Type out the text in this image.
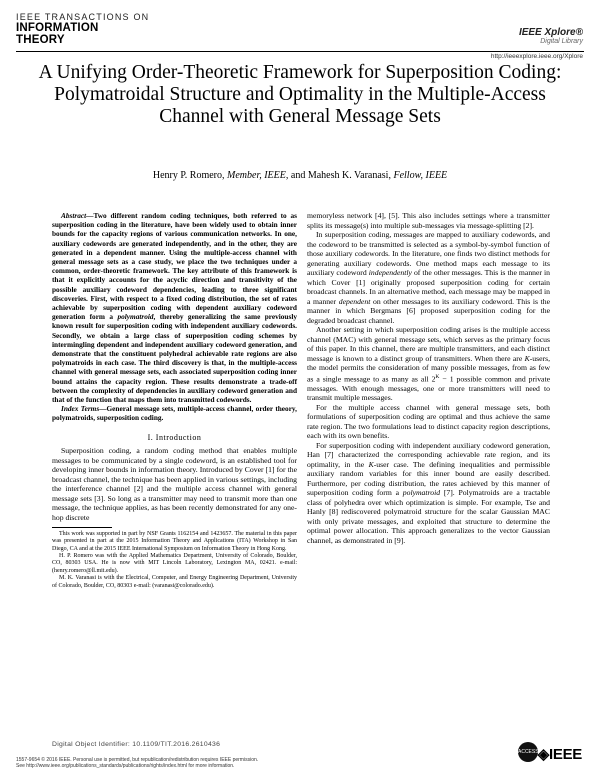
IEEE TRANSACTIONS ON
INFORMATION
THEORY
IEEE Xplore®
Digital Library
http://ieeexplore.ieee.org/Xplore
A Unifying Order-Theoretic Framework for Superposition Coding: Polymatroidal Structure and Optimality in the Multiple-Access Channel with General Message Sets
Henry P. Romero, Member, IEEE, and Mahesh K. Varanasi, Fellow, IEEE

Abstract—Two different random coding techniques, both referred to as superposition coding in the literature, have been widely used to obtain inner bounds for the capacity regions of various communication networks. In one, auxiliary codewords are generated independently, and in the other, they are generated in a dependent manner. Using the multiple-access channel with general message sets as a case study, we place the two techniques under a common, order-theoretic framework. The key attribute of this framework is that it explicitly accounts for the acyclic direction and transitivity of the possible auxiliary codeword dependencies, leading to three significant discoveries. First, with respect to a fixed coding distribution, the set of rates achievable by superposition coding with dependent auxiliary codeword generation form a polymatroid, thereby generalizing the same previously known result for superposition coding with independent auxiliary codewords. Secondly, we obtain a large class of superposition coding schemes by intermingling dependent and independent auxiliary codeword generation, and demonstrate that the constituent polyhedral achievable rate regions are also polymatroids in each case. The third discovery is that, in the multiple-access channel with general message sets, each associated superposition coding inner bound attains the capacity region. These results demonstrate a trade-off between the complexity of dependencies in auxiliary codeword generation and that of the function that maps them into transmitted codewords.

Index Terms—General message sets, multiple-access channel, order theory, polymatroids, superposition coding.

I. Introduction

Superposition coding, a random coding method that enables multiple messages to be communicated by a single codeword, is an established tool for developing inner bounds in information theory. Introduced by Cover [1] for the broadcast channel, the technique has been applied in various settings, including the interference channel [2] and the multiple access channel with general message sets [3]. So long as a transmitter may need to transmit more than one message, the technique applies, as has been recently demonstrated for any one-hop discrete

This work was supported in part by NSF Grants 1162154 and 1423657. The material in this paper was presented in part at the 2015 Information Theory and Applications (ITA) Workshop in San Diego, CA and at the 2015 IEEE International Symposium on Information Theory in Hong Kong.

H. P. Romero was with the Applied Mathematics Department, University of Colorado, Boulder, CO, 80303 USA. He is now with MIT Lincoln Laboratory, Lexington MA, 02421. e-mail: (henry.romero@ll.mit.edu).

M. K. Varanasi is with the Electrical, Computer, and Energy Engineering Department, University of Colorado, Boulder, CO, 80303 e-mail: (varanasi@colorado.edu).

memoryless network [4], [5]. This also includes settings where a transmitter splits its message(s) into multiple sub-messages via message-splitting [2].

In superposition coding, messages are mapped to auxiliary codewords, and the codeword to be transmitted is selected as a symbol-by-symbol function of those auxiliary codewords. In the literature, one finds two distinct methods for generating auxiliary codewords. One method maps each message to its auxiliary codeword independently of the other messages. This is the manner in which Cover [1] originally proposed superposition coding for certain broadcast channels. In an alternative method, each message may be mapped in a manner dependent on other messages to its auxiliary codeword. This is the manner in which Bergmans [6] proposed superposition coding for the degraded broadcast channel.

Another setting in which superposition coding arises is the multiple access channel (MAC) with general message sets, which serves as the primary focus of this paper. In this channel, there are multiple transmitters, and each distinct message is known to a distinct group of transmitters. When there are K-users, the model permits the consideration of many possible messages, from as few as a single message to as many as all $2^K - 1$ possible common and private messages. With enough messages, one or more transmitters will need to transmit multiple messages.

For the multiple access channel with general message sets, both formulations of superposition coding are optimal and thus achieve the same rate region. The two formulations lead to distinct capacity region descriptions, each with its own benefits.

For superposition coding with independent auxiliary codeword generation, Han [7] characterized the corresponding achievable rate region, and its optimality, in the K-user case. The defining inequalities and permissible auxiliary random variables for this inner bound are easily described. Furthermore, per coding distribution, the rates achieved by this manner of superposition coding form a polymatroid [7]. Polymatroids are a tractable class of polyhedra over which optimization is simple. For example, Tse and Hanly [8] rediscovered polymatroid structure for the scalar Gaussian MAC with only private messages, and exploited that structure to determine the optimal power allocation. This approach generalizes to the vector Gaussian channel, as demonstrated in [9].

Digital Object Identifier: 10.1109/TIT.2016.2610436
1557-9654 © 2016 IEEE. Personal use is permitted, but republication/redistribution requires IEEE permission.
See http://www.ieee.org/publications_standards/publications/rights/index.html for more information.
ACCESS ◈IEEE
